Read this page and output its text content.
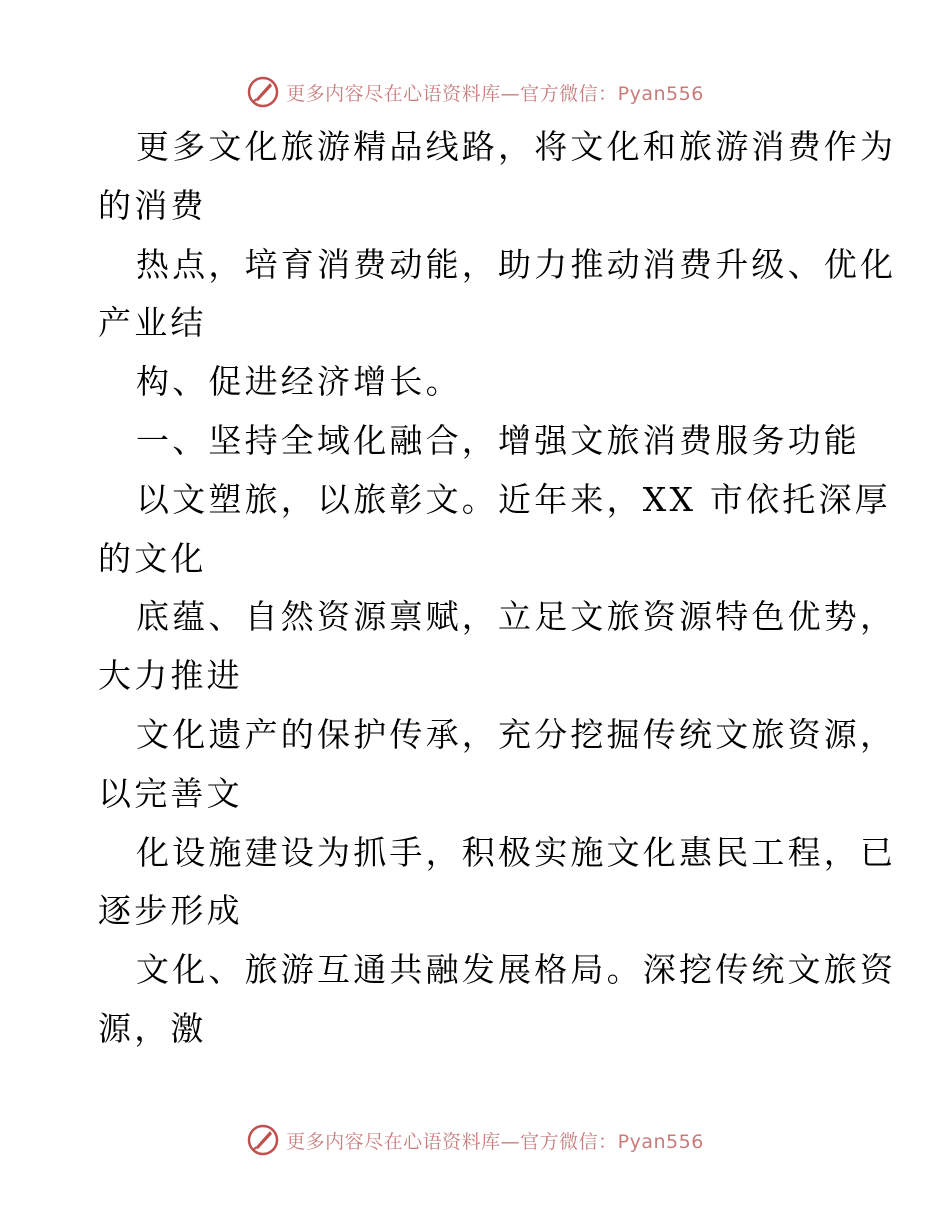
更多内容尽在心语资料库—官方微信：Pyan556
更多文化旅游精品线路，将文化和旅游消费作为
的消费
热点，培育消费动能，助力推动消费升级、优化
产业结
构、促进经济增长。
一、坚持全域化融合，增强文旅消费服务功能
以文塑旅，以旅彰文。近年来，XX 市依托深厚
的文化
底蕴、自然资源禀赋，立足文旅资源特色优势，
大力推进
文化遗产的保护传承，充分挖掘传统文旅资源，
以完善文
化设施建设为抓手，积极实施文化惠民工程，已
逐步形成
文化、旅游互通共融发展格局。深挖传统文旅资
源，激
更多内容尽在心语资料库—官方微信：Pyan556
